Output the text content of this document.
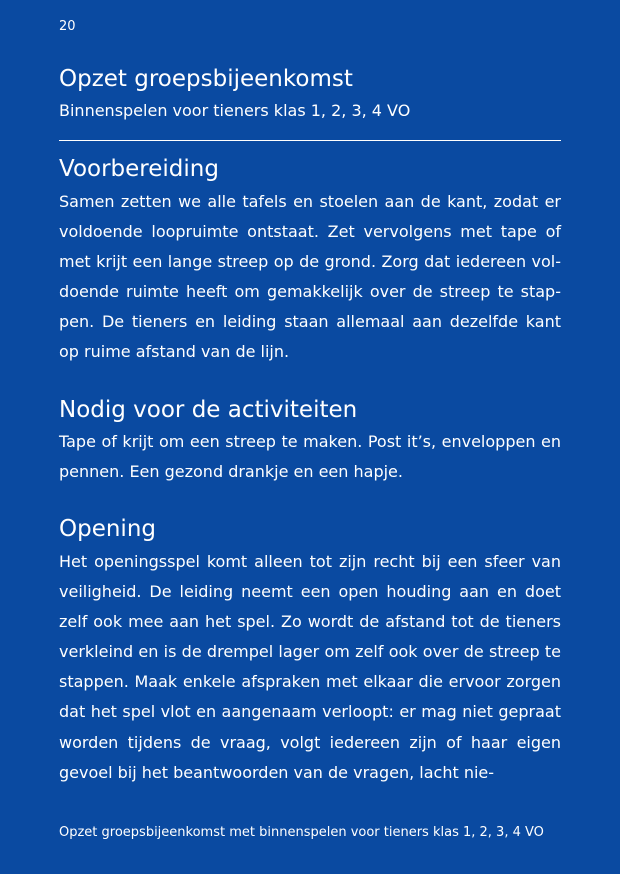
20
Opzet groepsbijeenkomst
Binnenspelen voor tieners klas 1, 2, 3, 4 VO
Voorbereiding

Samen zetten we alle tafels en stoelen aan de kant, zodat er voldoende loopruimte ontstaat. Zet vervolgens met tape of met krijt een lange streep op de grond. Zorg dat iedereen voldoende ruimte heeft om gemakkelijk over de streep te stappen. De tieners en leiding staan allemaal aan dezelfde kant op ruime afstand van de lijn.

Nodig voor de activiteiten

Tape of krijt om een streep te maken. Post it’s, enveloppen en pennen. Een gezond drankje en een hapje.

Opening

Het openingsspel komt alleen tot zijn recht bij een sfeer van veiligheid. De leiding neemt een open houding aan en doet zelf ook mee aan het spel. Zo wordt de afstand tot de tieners verkleind en is de drempel lager om zelf ook over de streep te stappen. Maak enkele afspraken met elkaar die ervoor zorgen dat het spel vlot en aangenaam verloopt: er mag niet gepraat worden tijdens de vraag, volgt iedereen zijn of haar eigen gevoel bij het beantwoorden van de vragen, lacht nie-

Opzet groepsbijeenkomst met binnenspelen voor tieners klas 1, 2, 3, 4 VO
